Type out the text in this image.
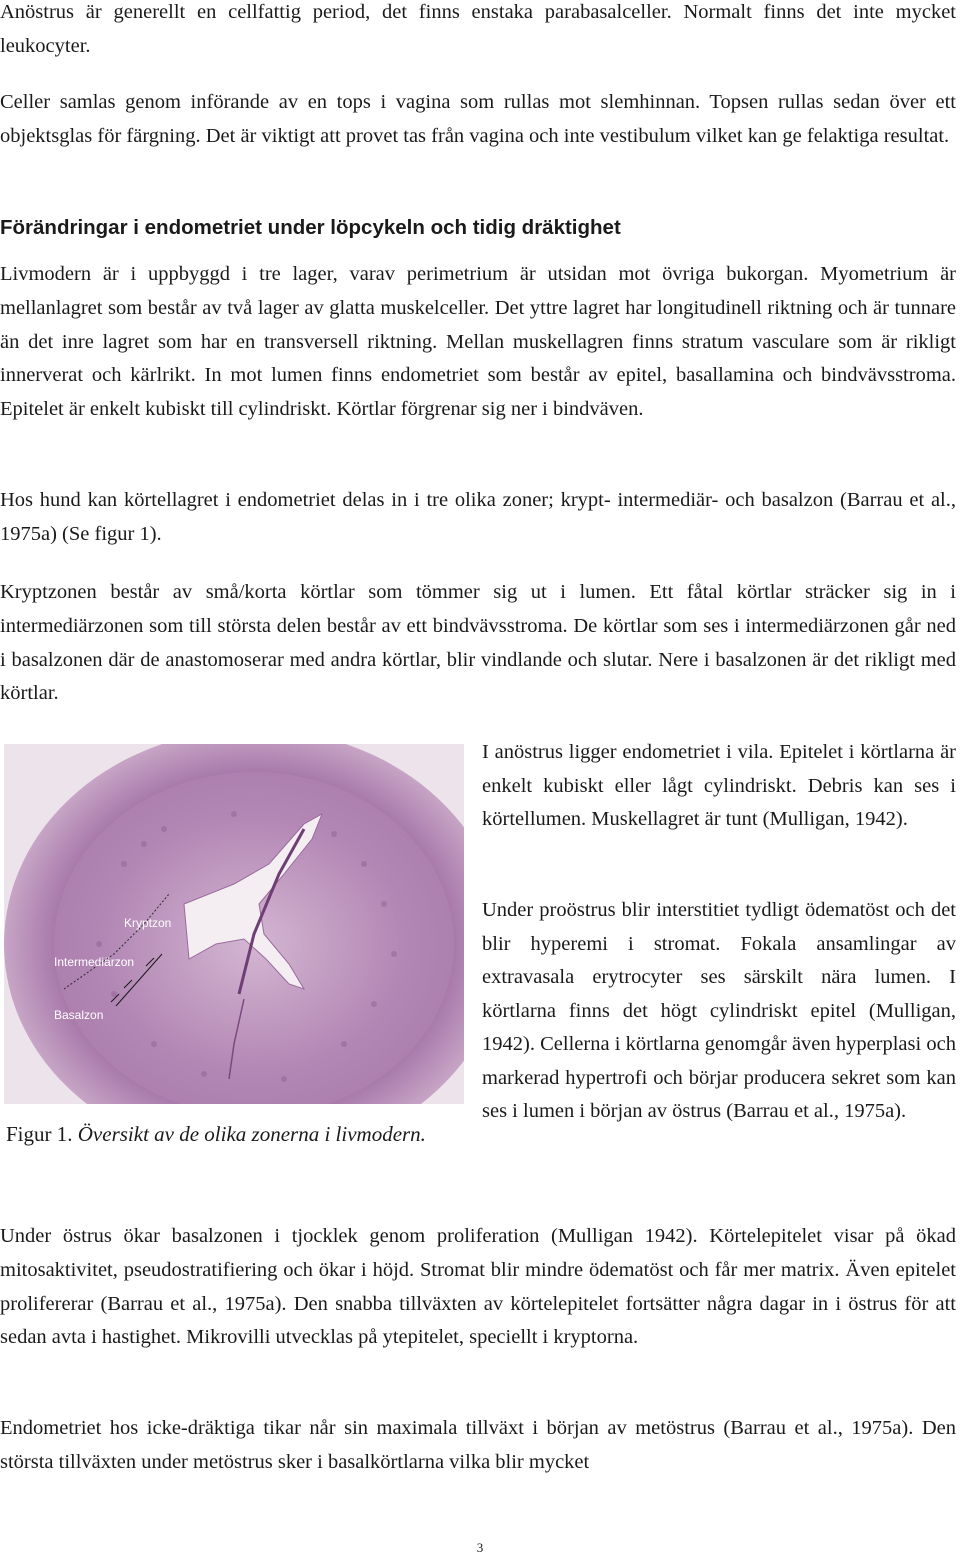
Anöstrus är generellt en cellfattig period, det finns enstaka parabasalceller. Normalt finns det inte mycket leukocyter.
Celler samlas genom införande av en tops i vagina som rullas mot slemhinnan. Topsen rullas sedan över ett objektsglas för färgning. Det är viktigt att provet tas från vagina och inte vestibulum vilket kan ge felaktiga resultat.
Förändringar i endometriet under löpcykeln och tidig dräktighet
Livmodern är i uppbyggd i tre lager, varav perimetrium är utsidan mot övriga bukorgan. Myometrium är mellanlagret som består av två lager av glatta muskelceller. Det yttre lagret har longitudinell riktning och är tunnare än det inre lagret som har en transversell riktning. Mellan muskellagren finns stratum vasculare som är rikligt innerverat och kärlrikt. In mot lumen finns endometriet som består av epitel, basallamina och bindvävsstroma. Epitelet är enkelt kubiskt till cylindriskt. Körtlar förgrenar sig ner i bindväven.
Hos hund kan körtellagret i endometriet delas in i tre olika zoner; krypt- intermediär- och basalzon (Barrau et al., 1975a) (Se figur 1).
Kryptzonen består av små/korta körtlar som tömmer sig ut i lumen. Ett fåtal körtlar sträcker sig in i intermediärzonen som till största delen består av ett bindvävsstroma. De körtlar som ses i intermediärzonen går ned i basalzonen där de anastomoserar med andra körtlar, blir vindlande och slutar. Nere i basalzonen är det rikligt med körtlar.
Kryptzon
Intermediärzon
Basalzon
Figur 1. Översikt av de olika zonerna i livmodern.
I anöstrus ligger endometriet i vila. Epitelet i körtlarna är enkelt kubiskt eller lågt cylindriskt. Debris kan ses i körtellumen. Muskellagret är tunt (Mulligan, 1942).
Under proöstrus blir interstitiet tydligt ödematöst och det blir hyperemi i stromat. Fokala ansamlingar av extravasala erytrocyter ses särskilt nära lumen. I körtlarna finns det högt cylindriskt epitel (Mulligan, 1942). Cellerna i körtlarna genomgår även hyperplasi och markerad hypertrofi och börjar producera sekret som kan ses i lumen i början av östrus (Barrau et al., 1975a).
Under östrus ökar basalzonen i tjocklek genom proliferation (Mulligan 1942). Körtelepitelet visar på ökad mitosaktivitet, pseudostratifiering och ökar i höjd. Stromat blir mindre ödematöst och får mer matrix. Även epitelet prolifererar (Barrau et al., 1975a). Den snabba tillväxten av körtelepitelet fortsätter några dagar in i östrus för att sedan avta i hastighet. Mikrovilli utvecklas på ytepitelet, speciellt i kryptorna.
Endometriet hos icke-dräktiga tikar når sin maximala tillväxt i början av metöstrus (Barrau et al., 1975a). Den största tillväxten under metöstrus sker i basalkörtlarna vilka blir mycket
3
